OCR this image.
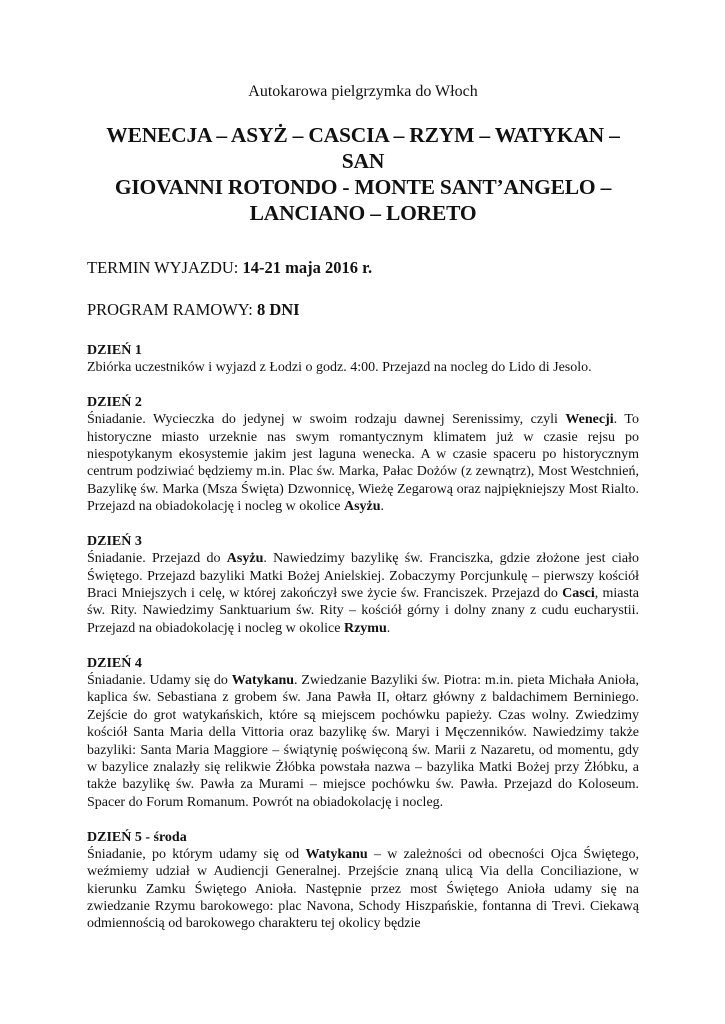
Autokarowa pielgrzymka do Włoch

WENECJA – ASYŻ – CASCIA – RZYM – WATYKAN – SAN
GIOVANNI ROTONDO - MONTE SANT’ANGELO –
LANCIANO – LORETO

TERMIN WYJAZDU: 14-21 maja 2016 r.

PROGRAM RAMOWY: 8 DNI

DZIEŃ 1

Zbiórka uczestników i wyjazd z Łodzi o godz. 4:00. Przejazd na nocleg do Lido di Jesolo.

DZIEŃ 2

Śniadanie. Wycieczka do jedynej w swoim rodzaju dawnej Serenissimy, czyli Wenecji. To historyczne miasto urzeknie nas swym romantycznym klimatem już w czasie rejsu po niespotykanym ekosystemie jakim jest laguna wenecka. A w czasie spaceru po historycznym centrum podziwiać będziemy m.in. Plac św. Marka, Pałac Dożów (z zewnątrz), Most Westchnień, Bazylikę św. Marka (Msza Święta) Dzwonnicę, Wieżę Zegarową oraz najpiękniejszy Most Rialto. Przejazd na obiadokolację i nocleg w okolice Asyżu.

DZIEŃ 3

Śniadanie. Przejazd do Asyżu. Nawiedzimy bazylikę św. Franciszka, gdzie złożone jest ciało Świętego. Przejazd bazyliki Matki Bożej Anielskiej. Zobaczymy Porcjunkulę – pierwszy kościół Braci Mniejszych i celę, w której zakończył swe życie św. Franciszek. Przejazd do Casci, miasta św. Rity. Nawiedzimy Sanktuarium św. Rity – kościół górny i dolny znany z cudu eucharystii. Przejazd na obiadokolację i nocleg w okolice Rzymu.

DZIEŃ 4

Śniadanie. Udamy się do Watykanu. Zwiedzanie Bazyliki św. Piotra: m.in. pieta Michała Anioła, kaplica św. Sebastiana z grobem św. Jana Pawła II, ołtarz główny z baldachimem Berniniego. Zejście do grot watykańskich, które są miejscem pochówku papieży. Czas wolny. Zwiedzimy kościół Santa Maria della Vittoria oraz bazylikę św. Maryi i Męczenników. Nawiedzimy także bazyliki: Santa Maria Maggiore – świątynię poświęconą św. Marii z Nazaretu, od momentu, gdy w bazylice znalazły się relikwie Żłóbka powstała nazwa – bazylika Matki Bożej przy Żłóbku, a także bazylikę św. Pawła za Murami – miejsce pochówku św. Pawła. Przejazd do Koloseum. Spacer do Forum Romanum. Powrót na obiadokolację i nocleg.

DZIEŃ 5 - środa

Śniadanie, po którym udamy się od Watykanu – w zależności od obecności Ojca Świętego, weźmiemy udział w Audiencji Generalnej. Przejście znaną ulicą Via della Conciliazione, w kierunku Zamku Świętego Anioła. Następnie przez most Świętego Anioła udamy się na zwiedzanie Rzymu barokowego: plac Navona, Schody Hiszpańskie, fontanna di Trevi. Ciekawą odmiennością od barokowego charakteru tej okolicy będzie
